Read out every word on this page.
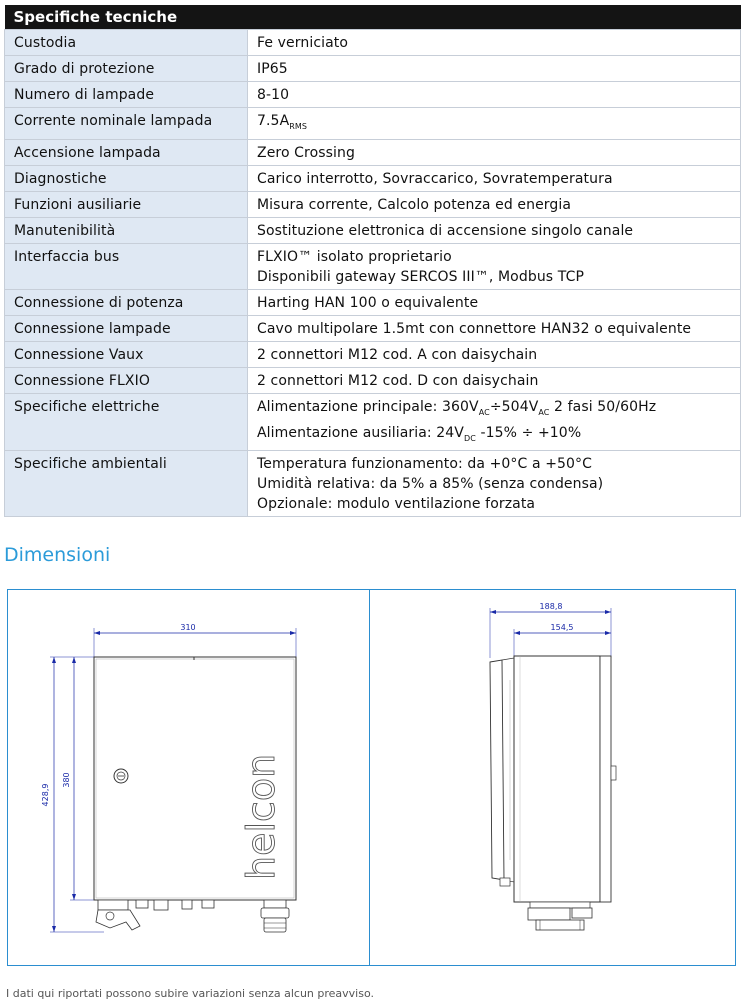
Specifiche tecniche	
Custodia	Fe verniciato
Grado di protezione	IP65
Numero di lampade	8-10
Corrente nominale lampada	$7.5A_{RMS}$
Accensione lampada	Zero Crossing
Diagnostiche	Carico interrotto, Sovraccarico, Sovratemperatura
Funzioni ausiliarie	Misura corrente, Calcolo potenza ed energia
Manutenibilità	Sostituzione elettronica di accensione singolo canale
Interfaccia bus	FLXIO™ isolato proprietario
Disponibili gateway SERCOS III™, Modbus TCP

Connessione di potenza	Harting HAN 100 o equivalente
Connessione lampade	Cavo multipolare 1.5mt con connettore HAN32 o equivalente
Connessione Vaux	2 connettori M12 cod. A con daisychain
Connessione FLXIO	2 connettori M12 cod. D con daisychain
Specifiche elettriche	Alimentazione principale: $360V_{AC}\div 504V_{AC}$ 2 fasi 50/60Hz
Alimentazione ausiliaria: $24V_{DC}$ -15% ÷ +10%

Specifiche ambientali	Temperatura funzionamento: da +0°C a +50°C
Umidità relativa: da 5% a 85% (senza condensa)
Opzionale: modulo ventilazione forzata
Dimensioni
310
428,9
380	helcon
188,8
154,5

I dati qui riportati possono subire variazioni senza alcun preavviso.
